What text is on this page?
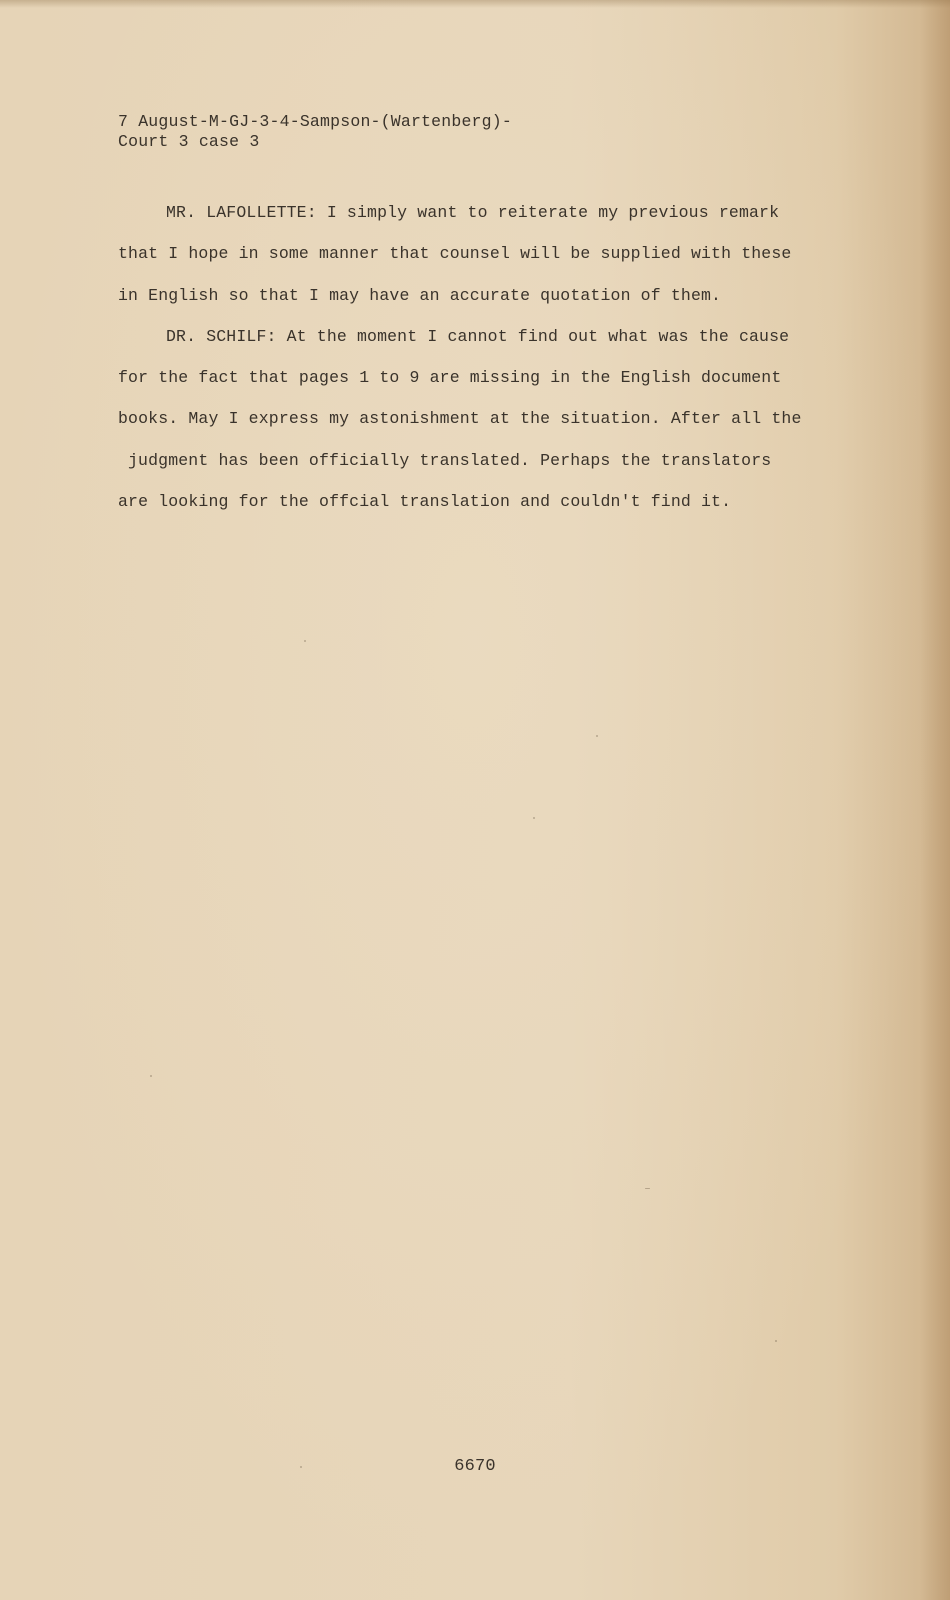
7 August-M-GJ-3-4-Sampson-(Wartenberg)-
Court 3 case 3
MR. LAFOLLETTE: I simply want to reiterate my previous remark
that I hope in some manner that counsel will be supplied with these
in English so that I may have an accurate quotation of them.
DR. SCHILF: At the moment I cannot find out what was the cause
for the fact that pages 1 to 9 are missing in the English document
books. May I express my astonishment at the situation. After all the
judgment has been officially translated. Perhaps the translators
are looking for the offcial translation and couldn't find it.
6670
